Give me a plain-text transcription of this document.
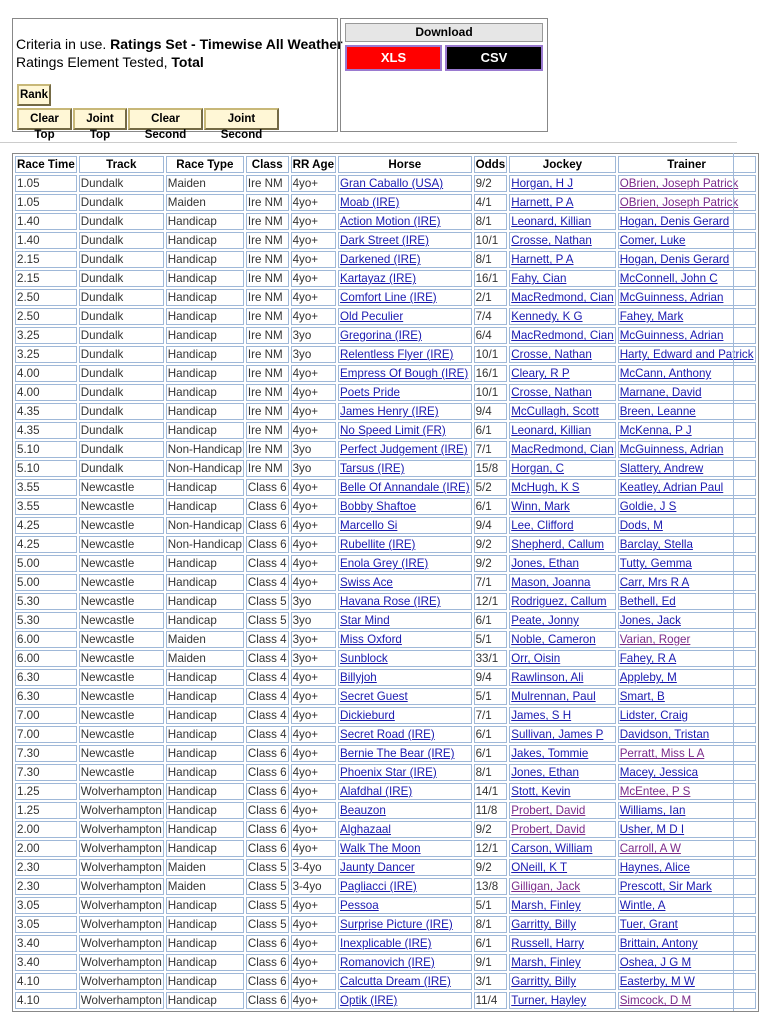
Criteria in use. Ratings Set - Timewise All Weather
Ratings Element Tested, Total
Rank
Clear Top
Joint Top
Clear Second
Joint Second
Download
XLS	CSV
Race Time	Track	Race Type	Class	RR Age	Horse	Odds	Jockey	Trainer
1.05	Dundalk	Maiden	Ire NM	4yo+	Gran Caballo (USA)	9/2	Horgan, H J	OBrien, Joseph Patrick
1.05	Dundalk	Maiden	Ire NM	4yo+	Moab (IRE)	4/1	Harnett, P A	OBrien, Joseph Patrick
1.40	Dundalk	Handicap	Ire NM	4yo+	Action Motion (IRE)	8/1	Leonard, Killian	Hogan, Denis Gerard
1.40	Dundalk	Handicap	Ire NM	4yo+	Dark Street (IRE)	10/1	Crosse, Nathan	Comer, Luke
2.15	Dundalk	Handicap	Ire NM	4yo+	Darkened (IRE)	8/1	Harnett, P A	Hogan, Denis Gerard
2.15	Dundalk	Handicap	Ire NM	4yo+	Kartayaz (IRE)	16/1	Fahy, Cian	McConnell, John C
2.50	Dundalk	Handicap	Ire NM	4yo+	Comfort Line (IRE)	2/1	MacRedmond, Cian	McGuinness, Adrian
2.50	Dundalk	Handicap	Ire NM	4yo+	Old Peculier	7/4	Kennedy, K G	Fahey, Mark
3.25	Dundalk	Handicap	Ire NM	3yo	Gregorina (IRE)	6/4	MacRedmond, Cian	McGuinness, Adrian
3.25	Dundalk	Handicap	Ire NM	3yo	Relentless Flyer (IRE)	10/1	Crosse, Nathan	Harty, Edward and Patrick
4.00	Dundalk	Handicap	Ire NM	4yo+	Empress Of Bough (IRE)	16/1	Cleary, R P	McCann, Anthony
4.00	Dundalk	Handicap	Ire NM	4yo+	Poets Pride	10/1	Crosse, Nathan	Marnane, David
4.35	Dundalk	Handicap	Ire NM	4yo+	James Henry (IRE)	9/4	McCullagh, Scott	Breen, Leanne
4.35	Dundalk	Handicap	Ire NM	4yo+	No Speed Limit (FR)	6/1	Leonard, Killian	McKenna, P J
5.10	Dundalk	Non-Handicap	Ire NM	3yo	Perfect Judgement (IRE)	7/1	MacRedmond, Cian	McGuinness, Adrian
5.10	Dundalk	Non-Handicap	Ire NM	3yo	Tarsus (IRE)	15/8	Horgan, C	Slattery, Andrew
3.55	Newcastle	Handicap	Class 6	4yo+	Belle Of Annandale (IRE)	5/2	McHugh, K S	Keatley, Adrian Paul
3.55	Newcastle	Handicap	Class 6	4yo+	Bobby Shaftoe	6/1	Winn, Mark	Goldie, J S
4.25	Newcastle	Non-Handicap	Class 6	4yo+	Marcello Si	9/4	Lee, Clifford	Dods, M
4.25	Newcastle	Non-Handicap	Class 6	4yo+	Rubellite (IRE)	9/2	Shepherd, Callum	Barclay, Stella
5.00	Newcastle	Handicap	Class 4	4yo+	Enola Grey (IRE)	9/2	Jones, Ethan	Tutty, Gemma
5.00	Newcastle	Handicap	Class 4	4yo+	Swiss Ace	7/1	Mason, Joanna	Carr, Mrs R A
5.30	Newcastle	Handicap	Class 5	3yo	Havana Rose (IRE)	12/1	Rodriguez, Callum	Bethell, Ed
5.30	Newcastle	Handicap	Class 5	3yo	Star Mind	6/1	Peate, Jonny	Jones, Jack
6.00	Newcastle	Maiden	Class 4	3yo+	Miss Oxford	5/1	Noble, Cameron	Varian, Roger
6.00	Newcastle	Maiden	Class 4	3yo+	Sunblock	33/1	Orr, Oisin	Fahey, R A
6.30	Newcastle	Handicap	Class 4	4yo+	Billyjoh	9/4	Rawlinson, Ali	Appleby, M
6.30	Newcastle	Handicap	Class 4	4yo+	Secret Guest	5/1	Mulrennan, Paul	Smart, B
7.00	Newcastle	Handicap	Class 4	4yo+	Dickieburd	7/1	James, S H	Lidster, Craig
7.00	Newcastle	Handicap	Class 4	4yo+	Secret Road (IRE)	6/1	Sullivan, James P	Davidson, Tristan
7.30	Newcastle	Handicap	Class 6	4yo+	Bernie The Bear (IRE)	6/1	Jakes, Tommie	Perratt, Miss L A
7.30	Newcastle	Handicap	Class 6	4yo+	Phoenix Star (IRE)	8/1	Jones, Ethan	Macey, Jessica
1.25	Wolverhampton	Handicap	Class 6	4yo+	Alafdhal (IRE)	14/1	Stott, Kevin	McEntee, P S
1.25	Wolverhampton	Handicap	Class 6	4yo+	Beauzon	11/8	Probert, David	Williams, Ian
2.00	Wolverhampton	Handicap	Class 6	4yo+	Alghazaal	9/2	Probert, David	Usher, M D I
2.00	Wolverhampton	Handicap	Class 6	4yo+	Walk The Moon	12/1	Carson, William	Carroll, A W
2.30	Wolverhampton	Maiden	Class 5	3-4yo	Jaunty Dancer	9/2	ONeill, K T	Haynes, Alice
2.30	Wolverhampton	Maiden	Class 5	3-4yo	Pagliacci (IRE)	13/8	Gilligan, Jack	Prescott, Sir Mark
3.05	Wolverhampton	Handicap	Class 5	4yo+	Pessoa	5/1	Marsh, Finley	Wintle, A
3.05	Wolverhampton	Handicap	Class 5	4yo+	Surprise Picture (IRE)	8/1	Garritty, Billy	Tuer, Grant
3.40	Wolverhampton	Handicap	Class 6	4yo+	Inexplicable (IRE)	6/1	Russell, Harry	Brittain, Antony
3.40	Wolverhampton	Handicap	Class 6	4yo+	Romanovich (IRE)	9/1	Marsh, Finley	Oshea, J G M
4.10	Wolverhampton	Handicap	Class 6	4yo+	Calcutta Dream (IRE)	3/1	Garritty, Billy	Easterby, M W
4.10	Wolverhampton	Handicap	Class 6	4yo+	Optik (IRE)	11/4	Turner, Hayley	Simcock, D M
